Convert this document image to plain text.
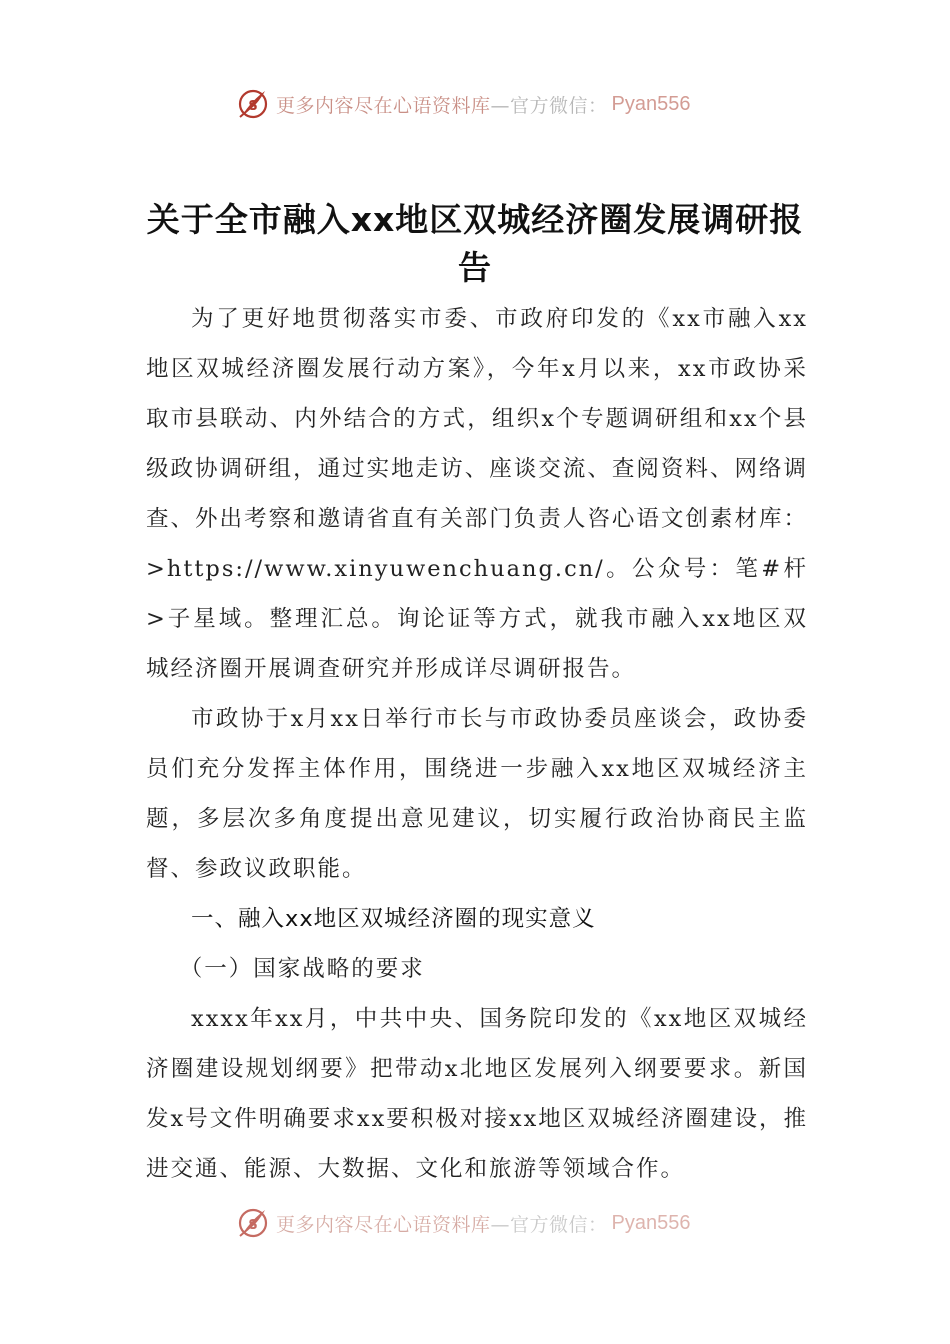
S 更多内容尽在心语资料库 —官方微信： Pyan556
关于全市融入xx地区双城经济圈发展调研报告

为了更好地贯彻落实市委、市政府印发的《xx市融入xx地区双城经济圈发展行动方案》，今年x月以来，xx市政协采取市县联动、内外结合的方式，组织x个专题调研组和xx个县级政协调研组，通过实地走访、座谈交流、查阅资料、网络调查、外出考察和邀请省直有关部门负责人咨心语文创素材库：>https://www.xinyuwenchuang.cn/。公众号：笔#杆>子星域。整理汇总。询论证等方式，就我市融入xx地区双城经济圈开展调查研究并形成详尽调研报告。

市政协于x月xx日举行市长与市政协委员座谈会，政协委员们充分发挥主体作用，围绕进一步融入xx地区双城经济主题，多层次多角度提出意见建议，切实履行政治协商民主监督、参政议政职能。

一、融入xx地区双城经济圈的现实意义

（一）国家战略的要求

xxxx年xx月，中共中央、国务院印发的《xx地区双城经济圈建设规划纲要》把带动x北地区发展列入纲要要求。新国发x号文件明确要求xx要积极对接xx地区双城经济圈建设，推进交通、能源、大数据、文化和旅游等领域合作。

S 更多内容尽在心语资料库 —官方微信： Pyan556
